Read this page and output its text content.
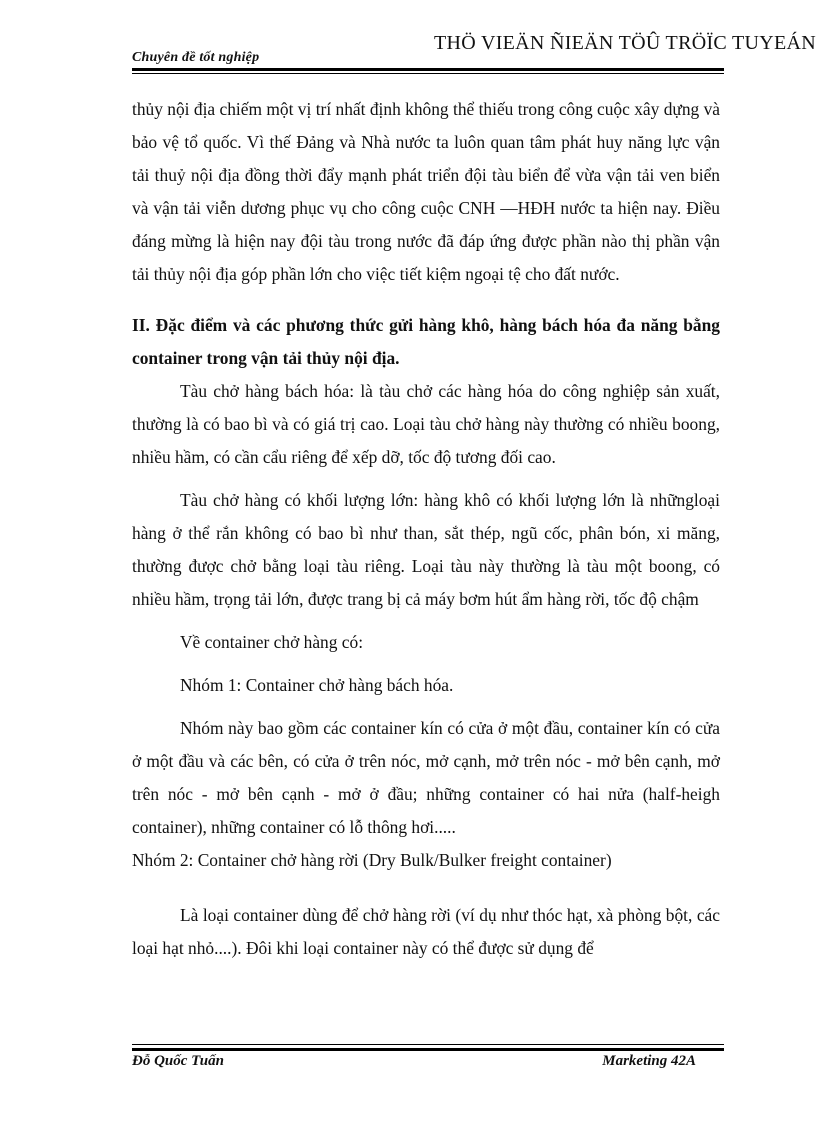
Chuyên đề tốt nghiệp
THÖ VIEÄN ÑIEÄN TÖÛ TRÖÏC TUYEÁN

thủy nội địa chiếm một vị trí nhất định không thể thiếu trong công cuộc xây dựng và bảo vệ tổ quốc. Vì thế Đảng và Nhà nước ta luôn quan tâm phát huy năng lực vận tải thuỷ nội địa đồng thời đẩy mạnh phát triển đội tàu biển để vừa vận tải ven biển và vận tải viễn dương phục vụ cho công cuộc CNH —HĐH nước ta hiện nay. Điều đáng mừng là hiện nay đội tàu trong nước đã đáp ứng được phần nào thị phần vận tải thủy nội địa góp phần lớn cho việc tiết kiệm ngoại tệ cho đất nước.

II. Đặc điểm và các phương thức gửi hàng khô, hàng bách hóa đa năng bằng container trong vận tải thủy nội địa.

Tàu chở hàng bách hóa: là tàu chở các hàng hóa do công nghiệp sản xuất, thường là có bao bì và có giá trị cao. Loại tàu chở hàng này thường có nhiều boong, nhiều hầm, có cần cẩu riêng để xếp dỡ, tốc độ tương đối cao.

Tàu chở hàng có khối lượng lớn: hàng khô có khối lượng lớn là nhữngloại hàng ở thể rắn không có bao bì như than, sắt thép, ngũ cốc, phân bón, xi măng, thường được chở bằng loại tàu riêng. Loại tàu này thường là tàu một boong, có nhiều hầm, trọng tải lớn, được trang bị cả máy bơm hút ẩm hàng rời, tốc độ chậm

Về container chở hàng có:

Nhóm 1: Container chở hàng bách hóa.

Nhóm này bao gồm các container kín có cửa ở một đầu, container kín có cửa ở một đầu và các bên, có cửa ở trên nóc, mở cạnh, mở trên nóc - mở bên cạnh, mở trên nóc - mở bên cạnh - mở ở đầu; những container có hai nửa (half-heigh container), những container có lỗ thông hơi.....

Nhóm 2: Container chở hàng rời (Dry Bulk/Bulker freight container)

Là loại container dùng để chở hàng rời (ví dụ như thóc hạt, xà phòng bột, các loại hạt nhỏ....). Đôi khi loại container này có thể được sử dụng để

Đỗ Quốc Tuấn	Marketing 42A
